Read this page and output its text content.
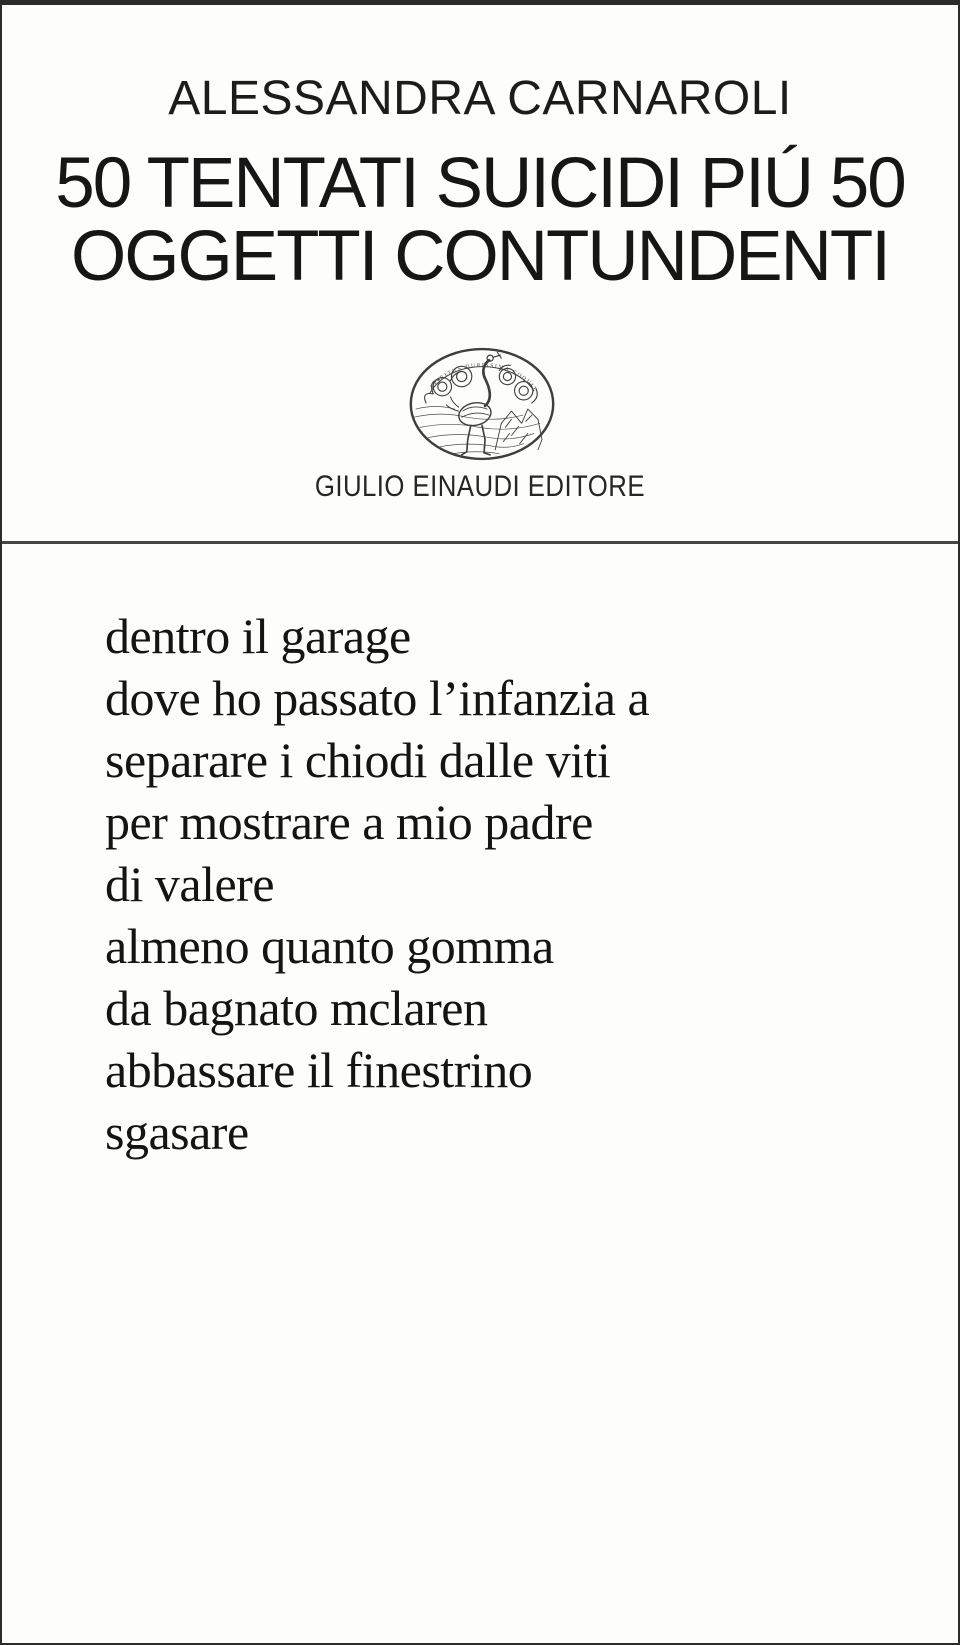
ALESSANDRA CARNAROLI
50 TENTATI SUICIDI PIÚ 50
OGGETTI CONTUNDENTI
SPIRITUS DURISSIMA COQUIT
GIULIO EINAUDI EDITORE
dentro il garage
dove ho passato l’infanzia a
separare i chiodi dalle viti
per mostrare a mio padre
di valere
almeno quanto gomma
da bagnato mclaren
abbassare il finestrino
sgasare
